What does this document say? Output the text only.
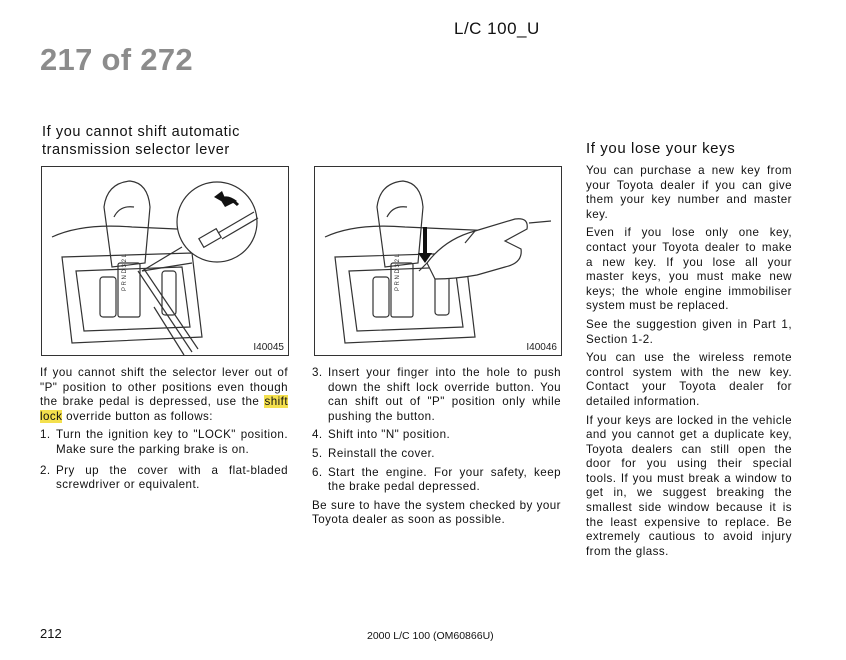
L/C 100_U
217 of 272
If you cannot shift automatic
transmission selector lever
P R N D 3 2 L
I40045

If you cannot shift the selector lever out of "P" position to other positions even though the brake pedal is depressed, use the shift lock override button as follows:

1. Turn the ignition key to "LOCK" position. Make sure the parking brake is on.
2. Pry up the cover with a flat-bladed screwdriver or equivalent.
P R N D 3 2 L
I40046
3. Insert your finger into the hole to push down the shift lock override button. You can shift out of "P" position only while pushing the button.
4. Shift into "N" position.
5. Reinstall the cover.
6. Start the engine. For your safety, keep the brake pedal depressed.

Be sure to have the system checked by your Toyota dealer as soon as possible.

If you lose your keys

You can purchase a new key from your Toyota dealer if you can give them your key number and master key.

Even if you lose only one key, contact your Toyota dealer to make a new key. If you lose all your master keys, you must make new keys; the whole engine immobiliser system must be replaced.

See the suggestion given in Part 1, Section 1-2.

You can use the wireless remote control system with the new key. Contact your Toyota dealer for detailed information.

If your keys are locked in the vehicle and you cannot get a duplicate key, Toyota dealers can still open the door for you using their special tools. If you must break a window to get in, we suggest breaking the smallest side window because it is the least expensive to replace. Be extremely cautious to avoid injury from the glass.

212	2000 L/C 100 (OM60866U)
